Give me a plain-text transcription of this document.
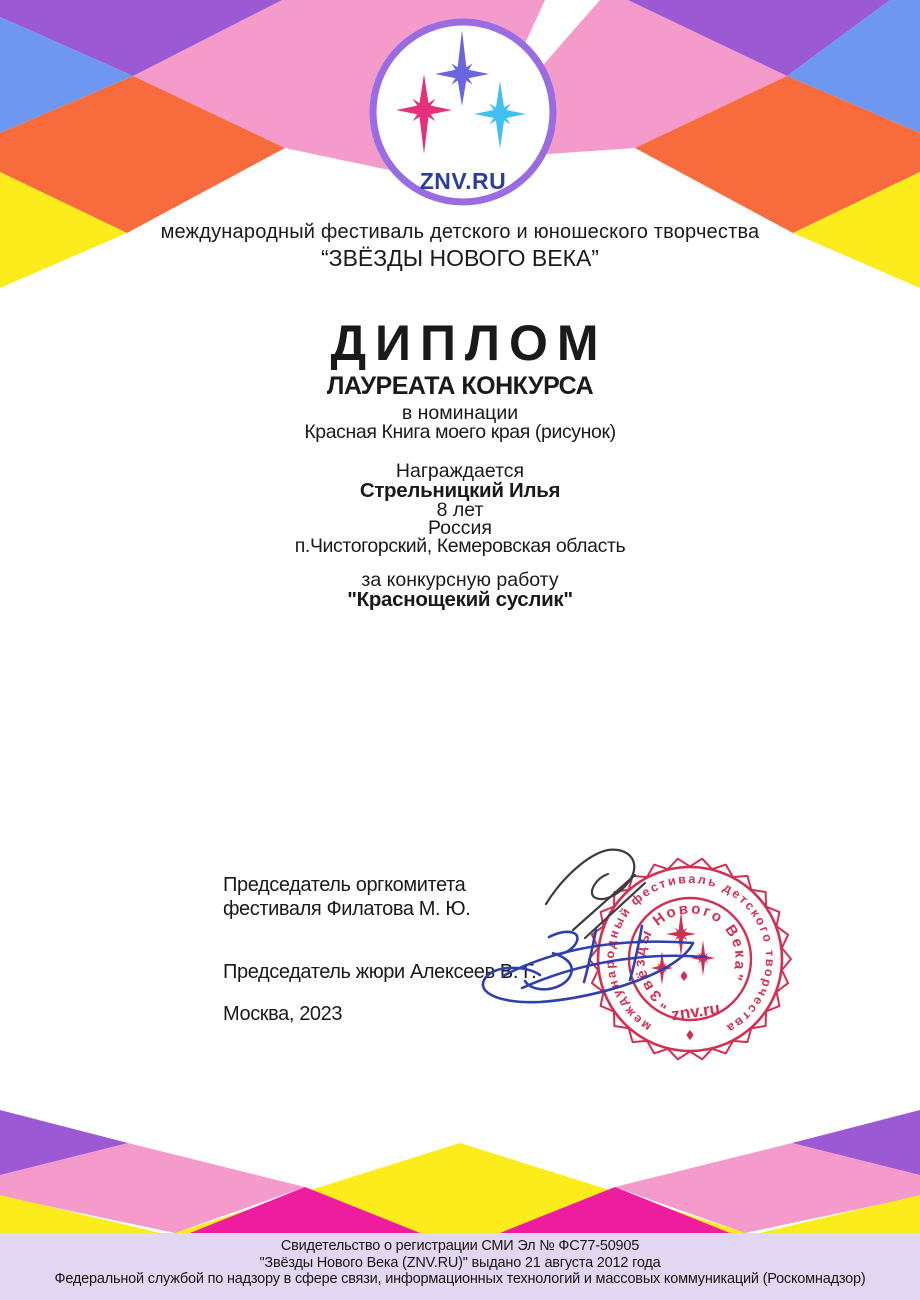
ZNV.RU
международный фестиваль детского и юношеского творчества
“ЗВЁЗДЫ НОВОГО ВЕКА”
ДИПЛОМ
ЛАУРЕАТА КОНКУРСА
в номинации
Красная Книга моего края (рисунок)
Награждается
Стрельницкий Илья
8 лет
Россия
п.Чистогорский, Кемеровская область
за конкурсную работу
"Краснощекий суслик"
Председатель оргкомитета
фестиваля Филатова М. Ю.
Председатель жюри Алексеев В. Г.
Москва, 2023
международный фестиваль детского творчества
"Звёзды Нового Века"
znv.ru
Свидетельство о регистрации СМИ Эл № ФС77-50905
"Звёзды Нового Века (ZNV.RU)" выдано 21 августа 2012 года
Федеральной службой по надзору в сфере связи, информационных технологий и массовых коммуникаций (Роскомнадзор)
